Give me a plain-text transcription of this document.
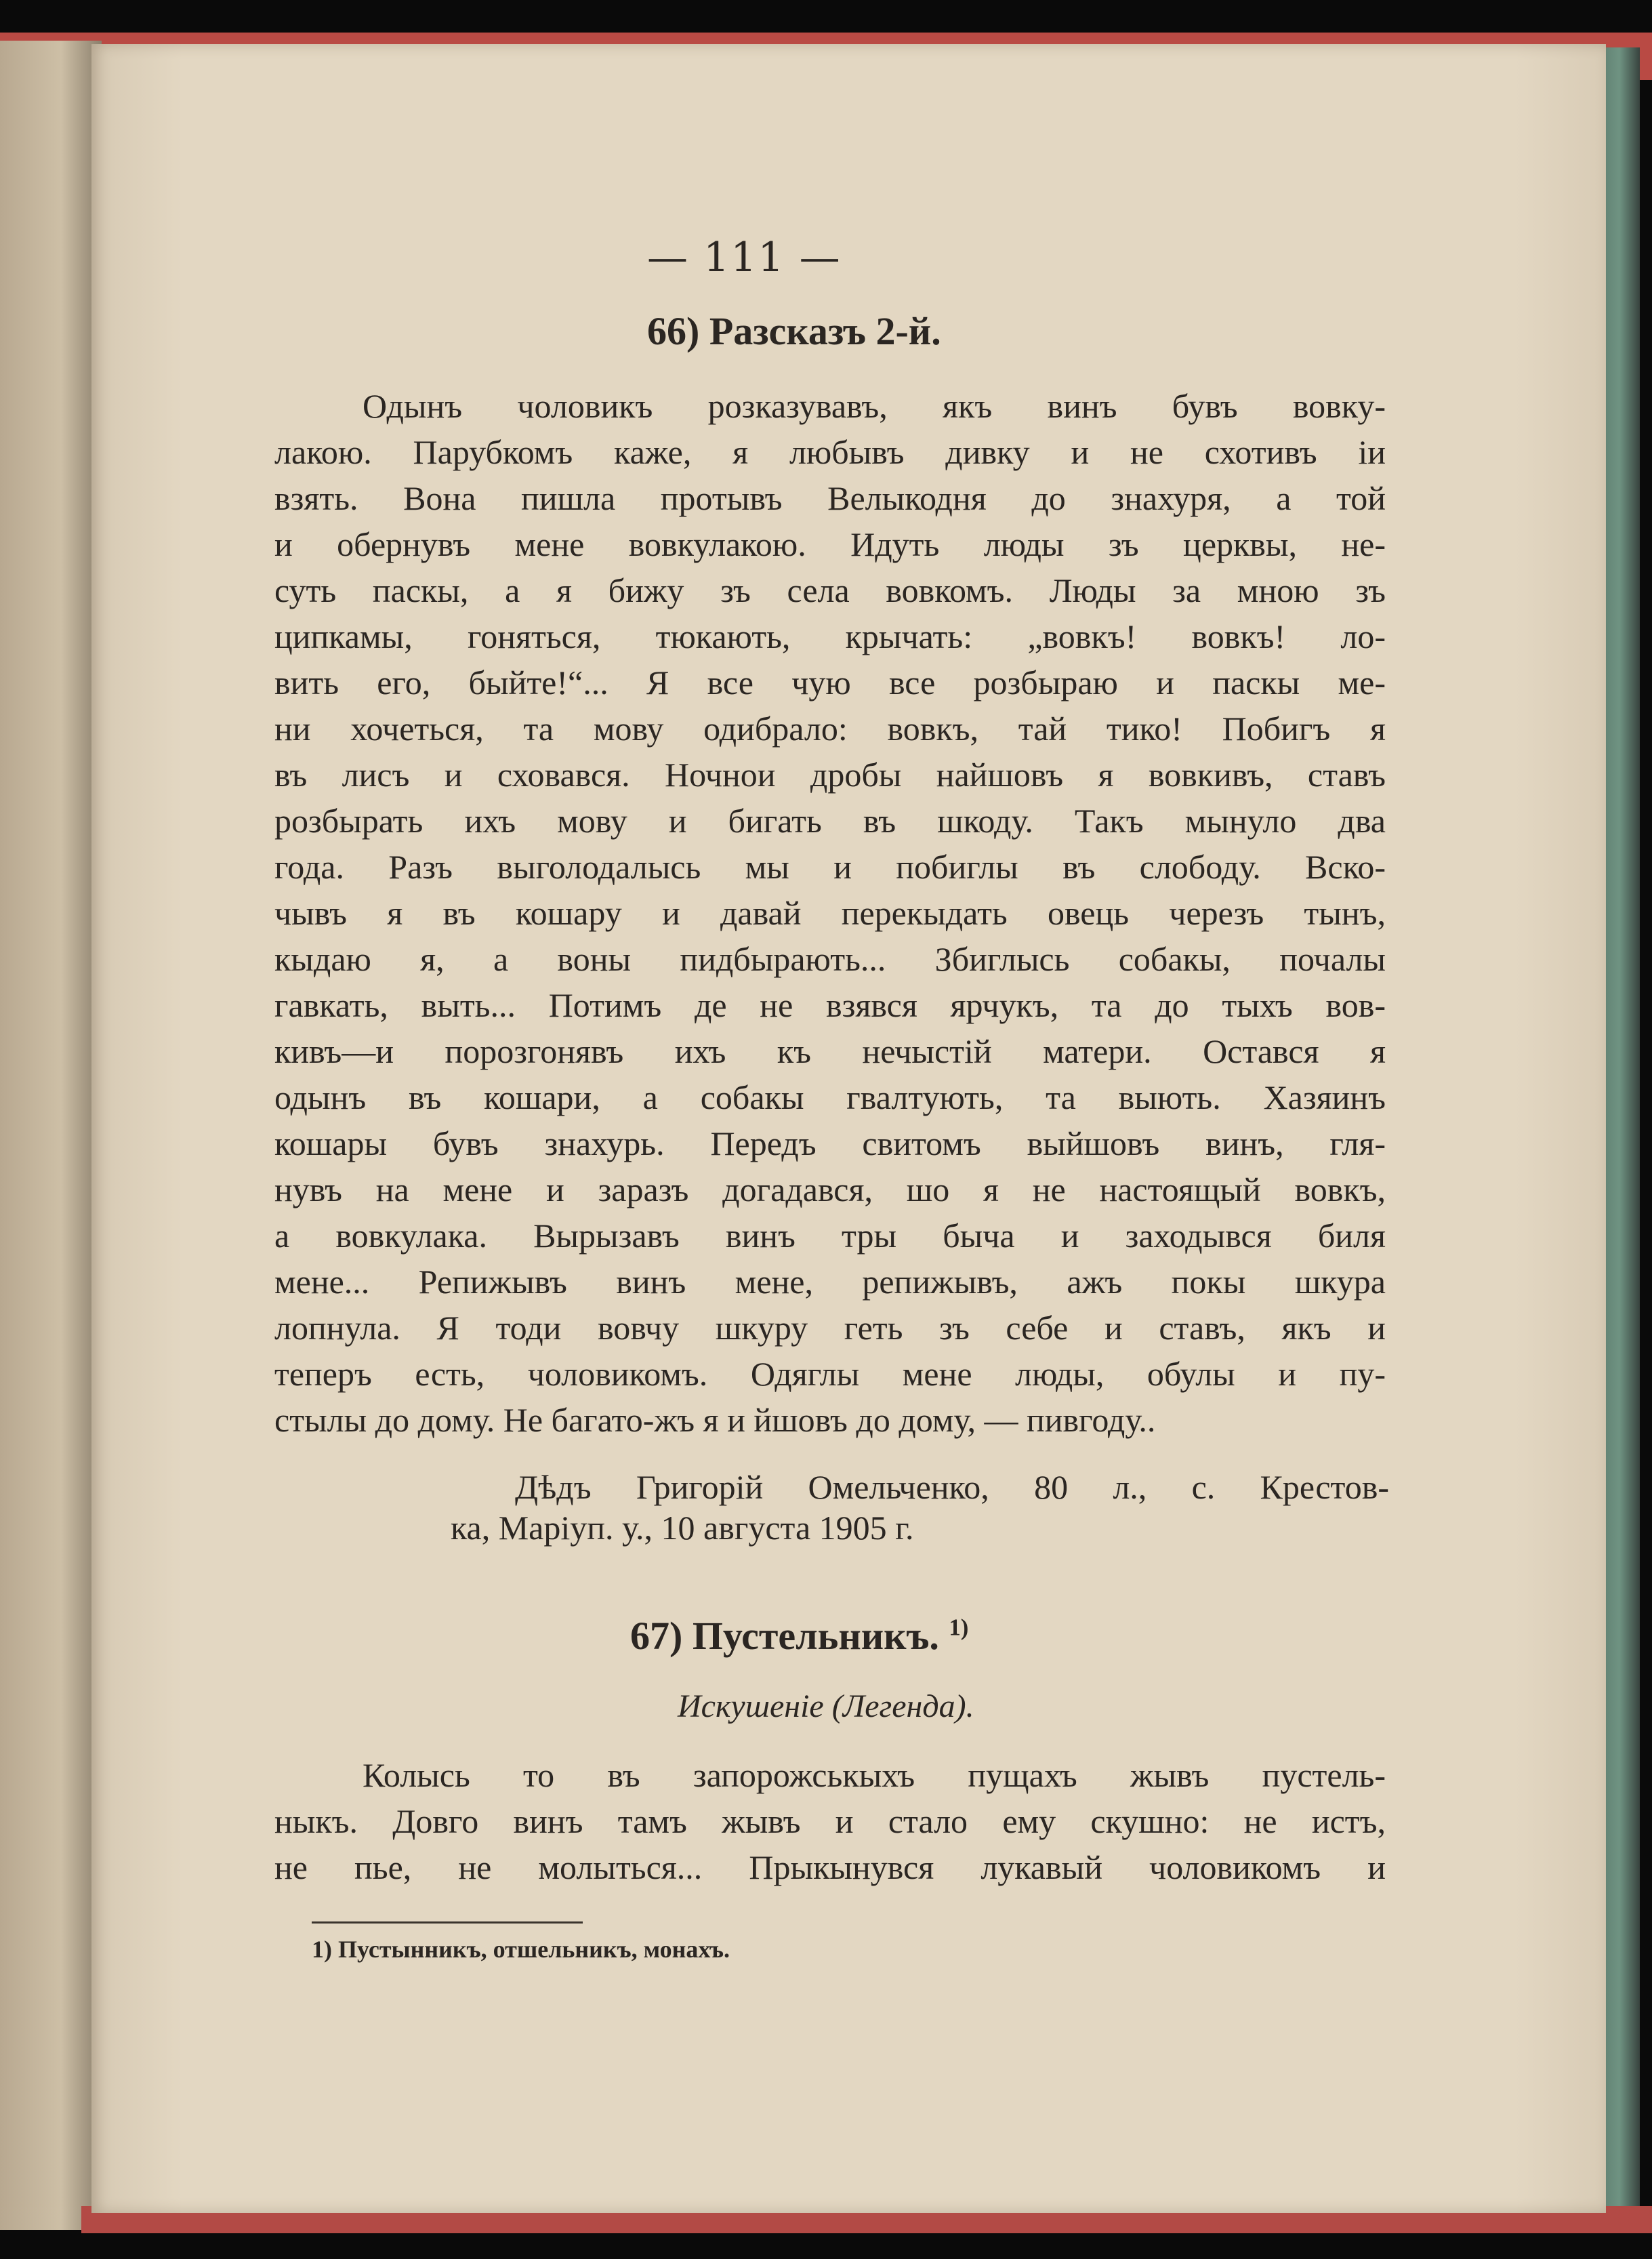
— 111 —
66) Разсказъ 2-й.
Одынъ чоловикъ розказувавъ, якъ винъ бувъ вовку-
лакою. Парубкомъ каже, я любывъ дивку и не схотивъ іи
взять. Вона пишла протывъ Велыкодня до знахуря, а той
и обернувъ мене вовкулакою. Идуть люды зъ церквы, не-
суть паскы, а я бижу зъ села вовкомъ. Люды за мною зъ
ципкамы, гоняться, тюкають, крычать: „вовкъ! вовкъ! ло-
вить его, быйте!“... Я все чую все розбыраю и паскы ме-
ни хочеться, та мову одибрало: вовкъ, тай тико! Побигъ я
въ лисъ и сховався. Ночнои дробы найшовъ я вовкивъ, ставъ
розбырать ихъ мову и бигать въ шкоду. Такъ мынуло два
года. Разъ выголодалысь мы и побиглы въ слободу. Вско-
чывъ я въ кошару и давай перекыдать овець черезъ тынъ,
кыдаю я, а воны пидбырають... Збиглысь собакы, почалы
гавкать, выть... Потимъ де не взявся ярчукъ, та до тыхъ вов-
кивъ—и порозгонявъ ихъ къ нечыстій матери. Остався я
одынъ въ кошари, а собакы гвалтують, та выють. Хазяинъ
кошары бувъ знахурь. Передъ свитомъ выйшовъ винъ, гля-
нувъ на мене и заразъ догадався, шо я не настоящый вовкъ,
а вовкулака. Вырызавъ винъ тры быча и заходывся биля
мене... Репижывъ винъ мене, репижывъ, ажъ покы шкура
лопнула. Я тоди вовчу шкуру геть зъ себе и ставъ, якъ и
теперъ есть, чоловикомъ. Одяглы мене люды, обулы и пу-
стылы до дому. Не багато-жъ я и йшовъ до дому, — пивгоду..
Дѣдъ Григорій Омельченко, 80 л., с. Крестов-
ка, Маріуп. у., 10 августа 1905 г.
67) Пустельникъ. $^{1)}$
Искушеніе (Легенда).
Колысь то въ запорожськыхъ пущахъ жывъ пустель-
ныкъ. Довго винъ тамъ жывъ и стало ему скушно: не истъ,
не пье, не молыться... Прыкынувся лукавый чоловикомъ и
1) Пустынникъ, отшельникъ, монахъ.
